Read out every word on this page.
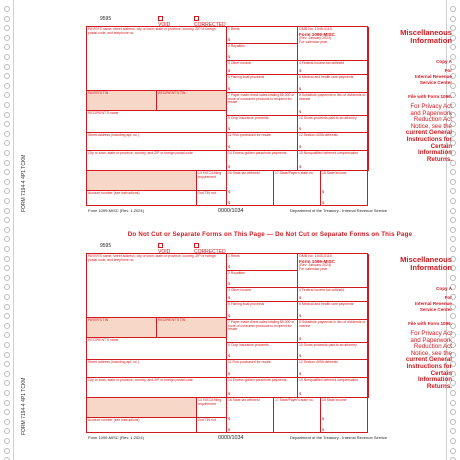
FORM 7194-4 4P1 TCKM
FORM 7194-4 4P1 TCKM
9595
VOID	CORRECTED
PAYER'S name, street address, city or town, state or province, country, ZIP or foreign postal code, and telephone no.
1 Rents
$
OMB No. 1545-0115
Form 1099-MISC
(Rev. January 2024)
For calendar year
2 Royalties
$
3 Other income
$
4 Federal income tax withheld
$
PAYER'S TIN	RECIPIENT'S TIN
5 Fishing boat proceeds
$
6 Medical and health care payments
$
RECIPIENT'S name
7 Payer made direct sales totaling $5,000 or more of consumer products to recipient for resale
8 Substitute payments in lieu of dividends or interest
$
9 Crop insurance proceeds
$
10 Gross proceeds paid to an attorney
$
Street address (including apt. no.)	11 Fish purchased for resale
$
12 Section 409A deferrals
$
City or town, state or province, country, and ZIP or foreign postal code	14 Excess golden parachute payments
$
15 Nonqualified deferred compensation
$
13 FATCA filing requirement
Account number (see instructions)	2nd TIN not.
16 State tax withheld
$
$
17 State/Payer's state no.	18 State income
$
$
Miscellaneous
Information
Copy A
For
Internal Revenue
Service Center
File with Form 1096.
For Privacy Act
and Paperwork
Reduction Act
Notice, see the
current General
Instructions for
Certain
Information
Returns.
Form 1099-MISC (Rev. 1-2024)	0000/1034	Department of the Treasury - Internal Revenue Service
Do Not Cut or Separate Forms on This Page — Do Not Cut or Separate Forms on This Page
9595
VOID	CORRECTED
PAYER'S name, street address, city or town, state or province, country, ZIP or foreign postal code, and telephone no.
1 Rents
$
OMB No. 1545-0115
Form 1099-MISC
(Rev. January 2024)
For calendar year
2 Royalties
$
3 Other income
$
4 Federal income tax withheld
$
PAYER'S TIN	RECIPIENT'S TIN
5 Fishing boat proceeds
$
6 Medical and health care payments
$
RECIPIENT'S name
7 Payer made direct sales totaling $5,000 or more of consumer products to recipient for resale
8 Substitute payments in lieu of dividends or interest
$
9 Crop insurance proceeds
$
10 Gross proceeds paid to an attorney
$
Street address (including apt. no.)	11 Fish purchased for resale
$
12 Section 409A deferrals
$
City or town, state or province, country, and ZIP or foreign postal code	14 Excess golden parachute payments
$
15 Nonqualified deferred compensation
$
13 FATCA filing requirement
Account number (see instructions)	2nd TIN not.
16 State tax withheld
$
$
17 State/Payer's state no.	18 State income
$
$
Miscellaneous
Information
Copy A
For
Internal Revenue
Service Center
File with Form 1096.
For Privacy Act
and Paperwork
Reduction Act
Notice, see the
current General
Instructions for
Certain
Information
Returns.
Form 1099-MISC (Rev. 1-2024)	0000/1034	Department of the Treasury - Internal Revenue Service
